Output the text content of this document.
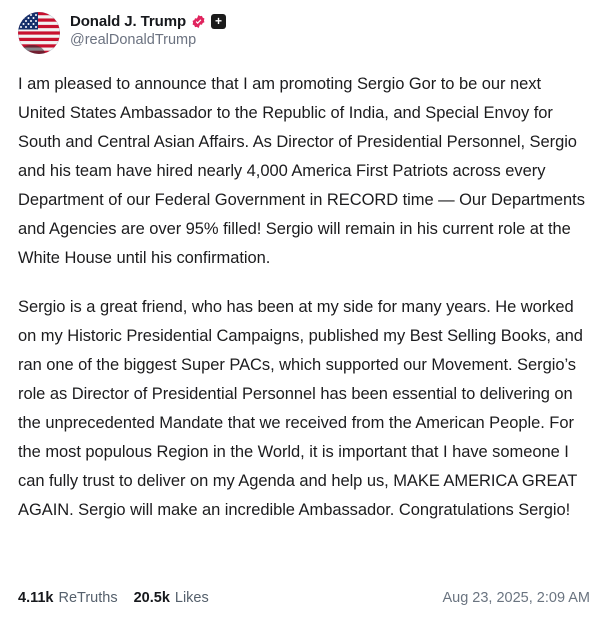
Donald J. Trump	+
@realDonaldTrump

I am pleased to announce that I am promoting Sergio Gor to be our next United States Ambassador to the Republic of India, and Special Envoy for South and Central Asian Affairs. As Director of Presidential Personnel, Sergio and his team have hired nearly 4,000 America First Patriots across every Department of our Federal Government in RECORD time — Our Departments and Agencies are over 95% filled! Sergio will remain in his current role at the White House until his confirmation.

Sergio is a great friend, who has been at my side for many years. He worked on my Historic Presidential Campaigns, published my Best Selling Books, and ran one of the biggest Super PACs, which supported our Movement. Sergio’s role as Director of Presidential Personnel has been essential to delivering on the unprecedented Mandate that we received from the American People. For the most populous Region in the World, it is important that I have someone I can fully trust to deliver on my Agenda and help us, MAKE AMERICA GREAT AGAIN. Sergio will make an incredible Ambassador. Congratulations Sergio!

4.11k ReTruths 20.5k Likes	Aug 23, 2025, 2:09 AM
